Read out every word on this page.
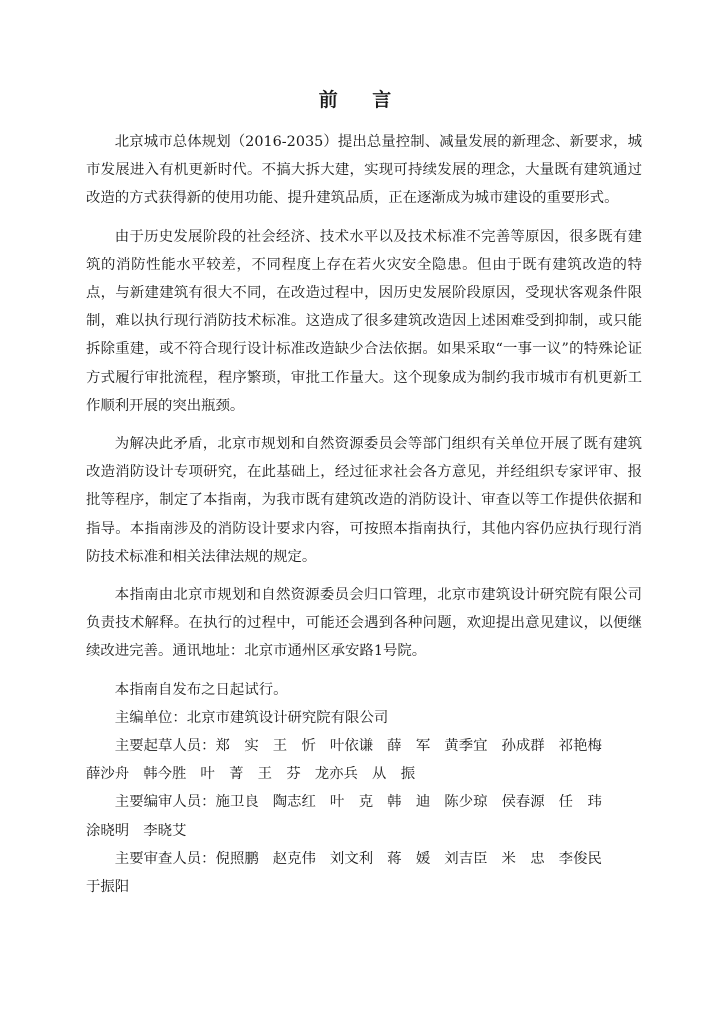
前 言

北京城市总体规划（2016-2035）提出总量控制、减量发展的新理念、新要求，城市发展进入有机更新时代。不搞大拆大建，实现可持续发展的理念，大量既有建筑通过改造的方式获得新的使用功能、提升建筑品质，正在逐渐成为城市建设的重要形式。

由于历史发展阶段的社会经济、技术水平以及技术标准不完善等原因，很多既有建筑的消防性能水平较差，不同程度上存在若火灾安全隐患。但由于既有建筑改造的特点，与新建建筑有很大不同，在改造过程中，因历史发展阶段原因，受现状客观条件限制，难以执行现行消防技术标准。这造成了很多建筑改造因上述困难受到抑制，或只能拆除重建，或不符合现行设计标准改造缺少合法依据。如果采取“一事一议”的特殊论证方式履行审批流程，程序繁琐，审批工作量大。这个现象成为制约我市城市有机更新工作顺利开展的突出瓶颈。

为解决此矛盾，北京市规划和自然资源委员会等部门组织有关单位开展了既有建筑改造消防设计专项研究，在此基础上，经过征求社会各方意见，并经组织专家评审、报批等程序，制定了本指南，为我市既有建筑改造的消防设计、审查以等工作提供依据和指导。本指南涉及的消防设计要求内容，可按照本指南执行，其他内容仍应执行现行消防技术标准和相关法律法规的规定。

本指南由北京市规划和自然资源委员会归口管理，北京市建筑设计研究院有限公司负责技术解释。在执行的过程中，可能还会遇到各种问题，欢迎提出意见建议，以便继续改进完善。通讯地址：北京市通州区承安路1号院。

本指南自发布之日起试行。

主编单位：北京市建筑设计研究院有限公司

主要起草人员：郑　实 王　忻 叶依谦 薛　军 黄季宜 孙成群 祁艳梅

薛沙舟 韩今胜 叶　菁 王　芬 龙亦兵 从　振

主要编审人员：施卫良 陶志红 叶　克 韩　迪 陈少琼 侯春源 任　玮

涂晓明 李晓艾

主要审查人员：倪照鹏 赵克伟 刘文利 蒋　媛 刘吉臣 米　忠 李俊民

于振阳
